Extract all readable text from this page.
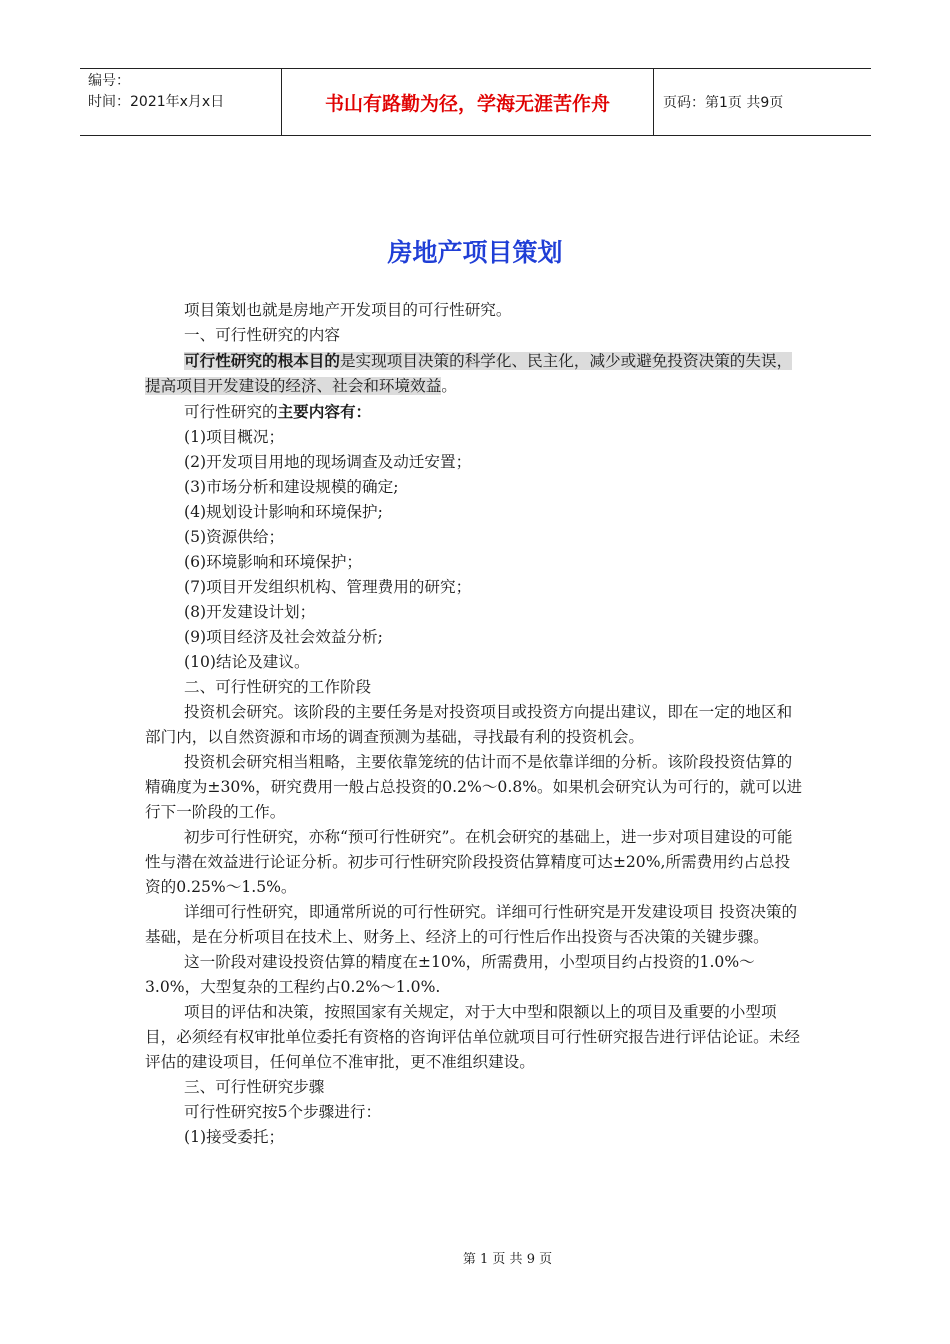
编号：
时间：2021年x月x日	书山有路勤为径，学海无涯苦作舟	页码：第1页 共9页
房地产项目策划

项目策划也就是房地产开发项目的可行性研究。

一、可行性研究的内容

可行性研究的根本目的是实现项目决策的科学化、民主化，减少或避免投资决策的失误，提高项目开发建设的经济、社会和环境效益。

可行性研究的主要内容有：

(1)项目概况；
(2)开发项目用地的现场调查及动迁安置；
(3)市场分析和建设规模的确定;
(4)规划设计影响和环境保护;
(5)资源供给；
(6)环境影响和环境保护；
(7)项目开发组织机构、管理费用的研究；
(8)开发建设计划；
(9)项目经济及社会效益分析;
(10)结论及建议。

二、可行性研究的工作阶段

投资机会研究。该阶段的主要任务是对投资项目或投资方向提出建议，即在一定的地区和部门内，以自然资源和市场的调查预测为基础，寻找最有利的投资机会。

投资机会研究相当粗略，主要依靠笼统的估计而不是依靠详细的分析。该阶段投资估算的精确度为±30%，研究费用一般占总投资的0.2%～0.8%。如果机会研究认为可行的，就可以进行下一阶段的工作。

初步可行性研究，亦称“预可行性研究”。在机会研究的基础上，进一步对项目建设的可能性与潜在效益进行论证分析。初步可行性研究阶段投资估算精度可达±20%,所需费用约占总投资的0.25%～1.5%。

详细可行性研究，即通常所说的可行性研究。详细可行性研究是开发建设项目 投资决策的基础，是在分析项目在技术上、财务上、经济上的可行性后作出投资与否决策的关键步骤。

这一阶段对建设投资估算的精度在±10%，所需费用，小型项目约占投资的1.0%～3.0%，大型复杂的工程约占0.2%～1.0%.

项目的评估和决策，按照国家有关规定，对于大中型和限额以上的项目及重要的小型项目，必须经有权审批单位委托有资格的咨询评估单位就项目可行性研究报告进行评估论证。未经评估的建设项目，任何单位不准审批，更不准组织建设。

三、可行性研究步骤

可行性研究按5个步骤进行：

(1)接受委托；
第 1 页 共 9 页
